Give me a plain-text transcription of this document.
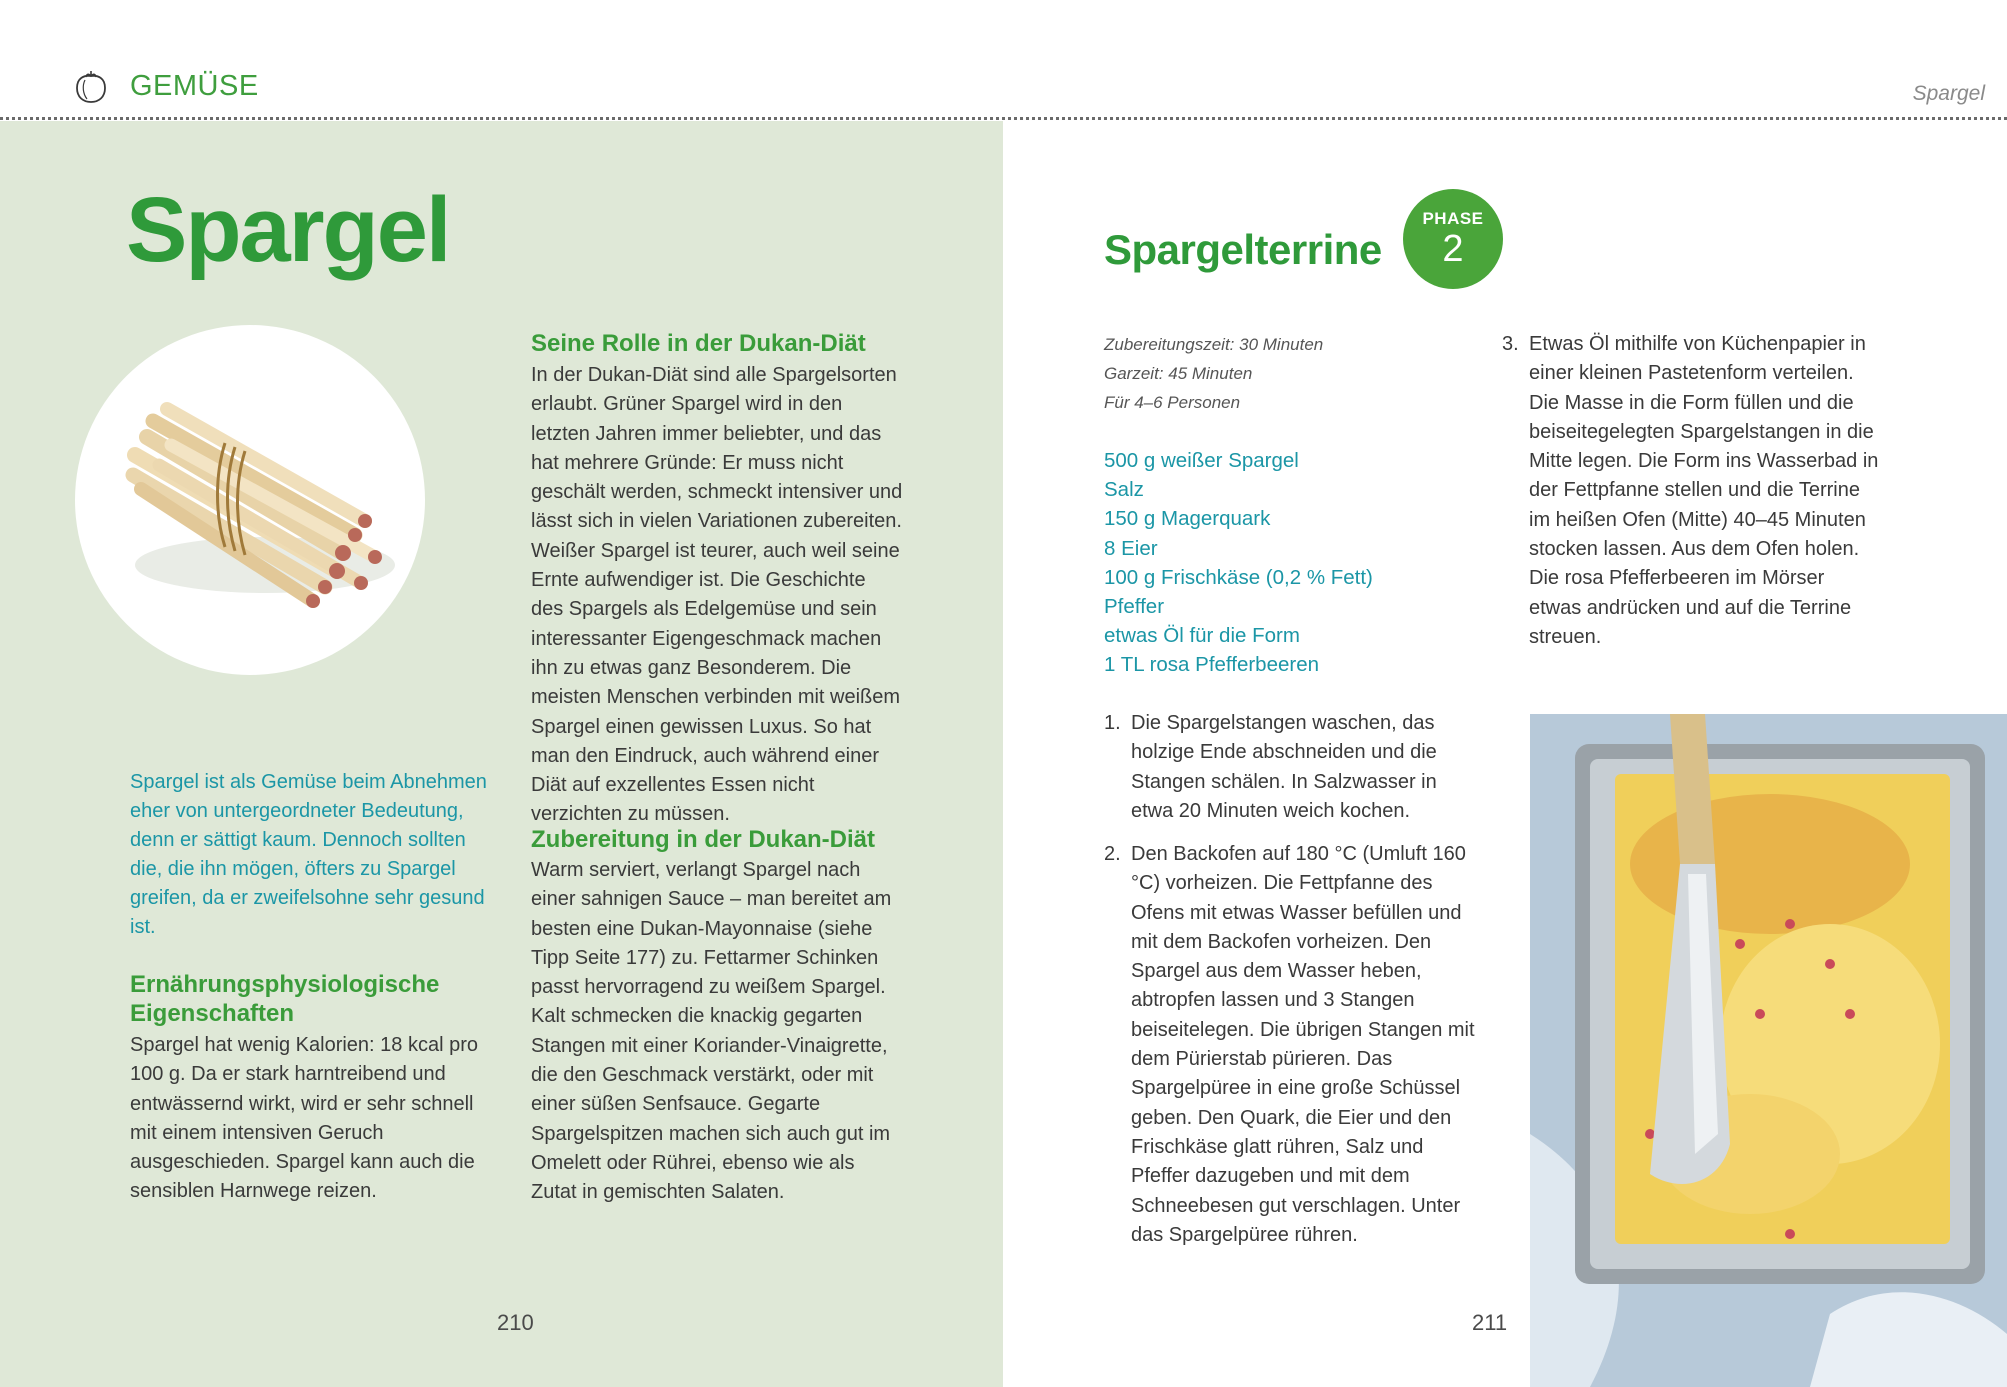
GEMÜSE	Spargel
Spargel
Spargel ist als Gemüse beim Abnehmen eher von untergeordneter Bedeutung, denn er sättigt kaum. Dennoch sollten die, die ihn mögen, öfters zu Spargel greifen, da er zweifelsohne sehr gesund ist.
Ernährungsphysiologische Eigenschaften
Spargel hat wenig Kalorien: 18 kcal pro 100 g. Da er stark harntreibend und entwässernd wirkt, wird er sehr schnell mit einem intensiven Geruch ausgeschieden. Spargel kann auch die sensiblen Harnwege reizen.
Seine Rolle in der Dukan-Diät
In der Dukan-Diät sind alle Spargelsorten erlaubt. Grüner Spargel wird in den letzten Jahren immer beliebter, und das hat mehrere Gründe: Er muss nicht geschält werden, schmeckt intensiver und lässt sich in vielen Variationen zubereiten. Weißer Spargel ist teurer, auch weil seine Ernte aufwendiger ist. Die Geschichte des Spargels als Edelgemüse und sein interessanter Eigengeschmack machen ihn zu etwas ganz Besonderem. Die meisten Menschen verbinden mit weißem Spargel einen gewissen Luxus. So hat man den Eindruck, auch während einer Diät auf exzellentes Essen nicht verzichten zu müssen.
Zubereitung in der Dukan-Diät
Warm serviert, verlangt Spargel nach einer sahnigen Sauce – man bereitet am besten eine Dukan-Mayonnaise (siehe Tipp Seite 177) zu. Fettarmer Schinken passt hervorragend zu weißem Spargel. Kalt schmecken die knackig gegarten Stangen mit einer Koriander-Vinaigrette, die den Geschmack verstärkt, oder mit einer süßen Senfsauce. Gegarte Spargelspitzen machen sich auch gut im Omelett oder Rührei, ebenso wie als Zutat in gemischten Salaten.
210
Spargelterrine
PHASE
2
Zubereitungszeit: 30 Minuten
Garzeit: 45 Minuten
Für 4–6 Personen
500 g weißer Spargel
Salz
150 g Magerquark
8 Eier
100 g Frischkäse (0,2 % Fett)
Pfeffer
etwas Öl für die Form
1 TL rosa Pfefferbeeren
1. Die Spargelstangen waschen, das holzige Ende abschneiden und die Stangen schälen. In Salzwasser in etwa 20 Minuten weich kochen.
2. Den Backofen auf 180 °C (Umluft 160 °C) vorheizen. Die Fettpfanne des Ofens mit etwas Wasser befüllen und mit dem Backofen vorheizen. Den Spargel aus dem Wasser heben, abtropfen lassen und 3 Stangen beiseitelegen. Die übrigen Stangen mit dem Pürierstab pürieren. Das Spargelpüree in eine große Schüssel geben. Den Quark, die Eier und den Frischkäse glatt rühren, Salz und Pfeffer dazugeben und mit dem Schneebesen gut verschlagen. Unter das Spargelpüree rühren.
3. Etwas Öl mithilfe von Küchenpapier in einer kleinen Pastetenform verteilen. Die Masse in die Form füllen und die beiseitegelegten Spargelstangen in die Mitte legen. Die Form ins Wasserbad in der Fettpfanne stellen und die Terrine im heißen Ofen (Mitte) 40–45 Minuten stocken lassen. Aus dem Ofen holen. Die rosa Pfefferbeeren im Mörser etwas andrücken und auf die Terrine streuen.
211
